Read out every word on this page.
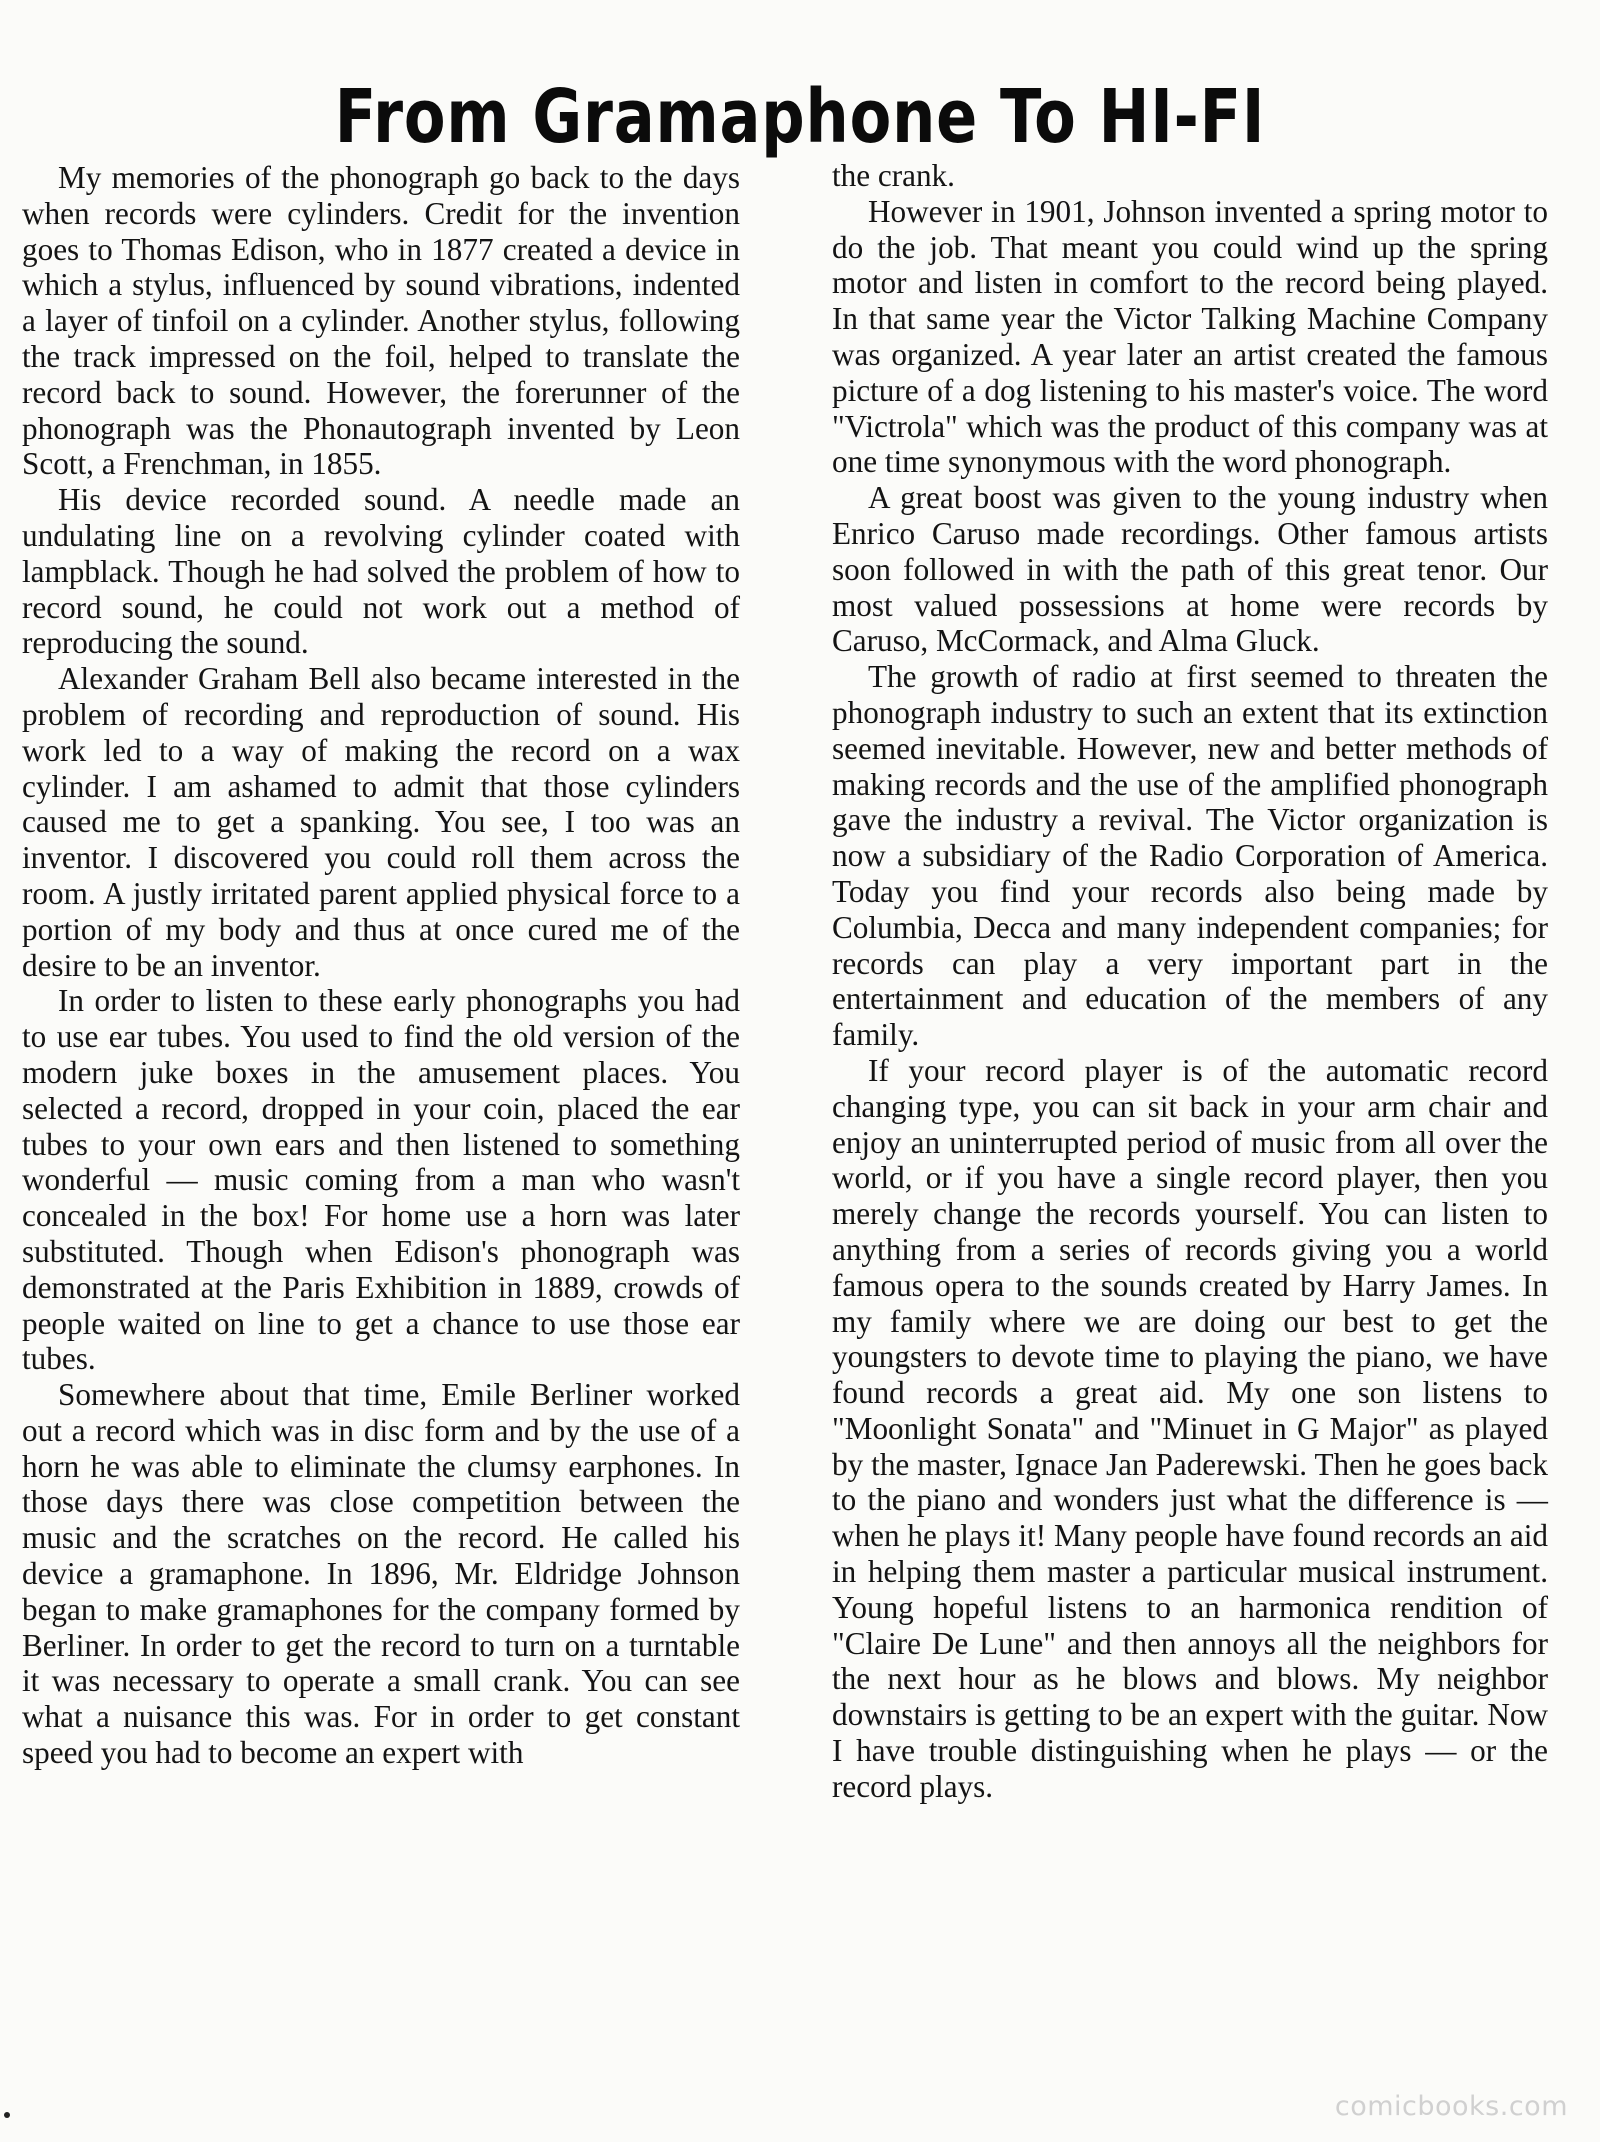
From Gramaphone To HI-FI

My memories of the phonograph go back to the days when records were cylinders. Credit for the invention goes to Thomas Edison, who in 1877 created a device in which a stylus, influenced by sound vibrations, indented a layer of tinfoil on a cylinder. Another stylus, following the track impressed on the foil, helped to translate the record back to sound. However, the forerunner of the phonograph was the Phonautograph invented by Leon Scott, a Frenchman, in 1855.

His device recorded sound. A needle made an undulating line on a revolving cylinder coated with lampblack. Though he had solved the problem of how to record sound, he could not work out a method of reproducing the sound.

Alexander Graham Bell also became interested in the problem of recording and reproduction of sound. His work led to a way of making the record on a wax cylinder. I am ashamed to admit that those cylinders caused me to get a spanking. You see, I too was an inventor. I discovered you could roll them across the room. A justly irritated parent applied physical force to a portion of my body and thus at once cured me of the desire to be an inventor.

In order to listen to these early phonographs you had to use ear tubes. You used to find the old version of the modern juke boxes in the amusement places. You selected a record, dropped in your coin, placed the ear tubes to your own ears and then listened to something wonderful — music coming from a man who wasn't concealed in the box! For home use a horn was later substituted. Though when Edison's phonograph was demonstrated at the Paris Exhibition in 1889, crowds of people waited on line to get a chance to use those ear tubes.

Somewhere about that time, Emile Berliner worked out a record which was in disc form and by the use of a horn he was able to eliminate the clumsy earphones. In those days there was close competition between the music and the scratches on the record. He called his device a gramaphone. In 1896, Mr. Eldridge Johnson began to make gramaphones for the company formed by Berliner. In order to get the record to turn on a turntable it was necessary to operate a small crank. You can see what a nuisance this was. For in order to get constant speed you had to become an expert with

the crank.

However in 1901, Johnson invented a spring motor to do the job. That meant you could wind up the spring motor and listen in comfort to the record being played. In that same year the Victor Talking Machine Company was organized. A year later an artist created the famous picture of a dog listening to his master's voice. The word "Victrola" which was the product of this company was at one time synonymous with the word phonograph.

A great boost was given to the young industry when Enrico Caruso made recordings. Other famous artists soon followed in with the path of this great tenor. Our most valued possessions at home were records by Caruso, McCormack, and Alma Gluck.

The growth of radio at first seemed to threaten the phonograph industry to such an extent that its extinction seemed inevitable. However, new and better methods of making records and the use of the amplified phonograph gave the industry a revival. The Victor organization is now a subsidiary of the Radio Corporation of America. Today you find your records also being made by Columbia, Decca and many independent companies; for records can play a very important part in the entertainment and education of the members of any family.

If your record player is of the automatic record changing type, you can sit back in your arm chair and enjoy an uninterrupted period of music from all over the world, or if you have a single record player, then you merely change the records yourself. You can listen to anything from a series of records giving you a world famous opera to the sounds created by Harry James. In my family where we are doing our best to get the youngsters to devote time to playing the piano, we have found records a great aid. My one son listens to "Moonlight Sonata" and "Minuet in G Major" as played by the master, Ignace Jan Paderewski. Then he goes back to the piano and wonders just what the difference is — when he plays it! Many people have found records an aid in helping them master a particular musical instrument. Young hopeful listens to an harmonica rendition of "Claire De Lune" and then annoys all the neighbors for the next hour as he blows and blows. My neighbor downstairs is getting to be an expert with the guitar. Now I have trouble distinguishing when he plays — or the record plays.

comicbooks.com
